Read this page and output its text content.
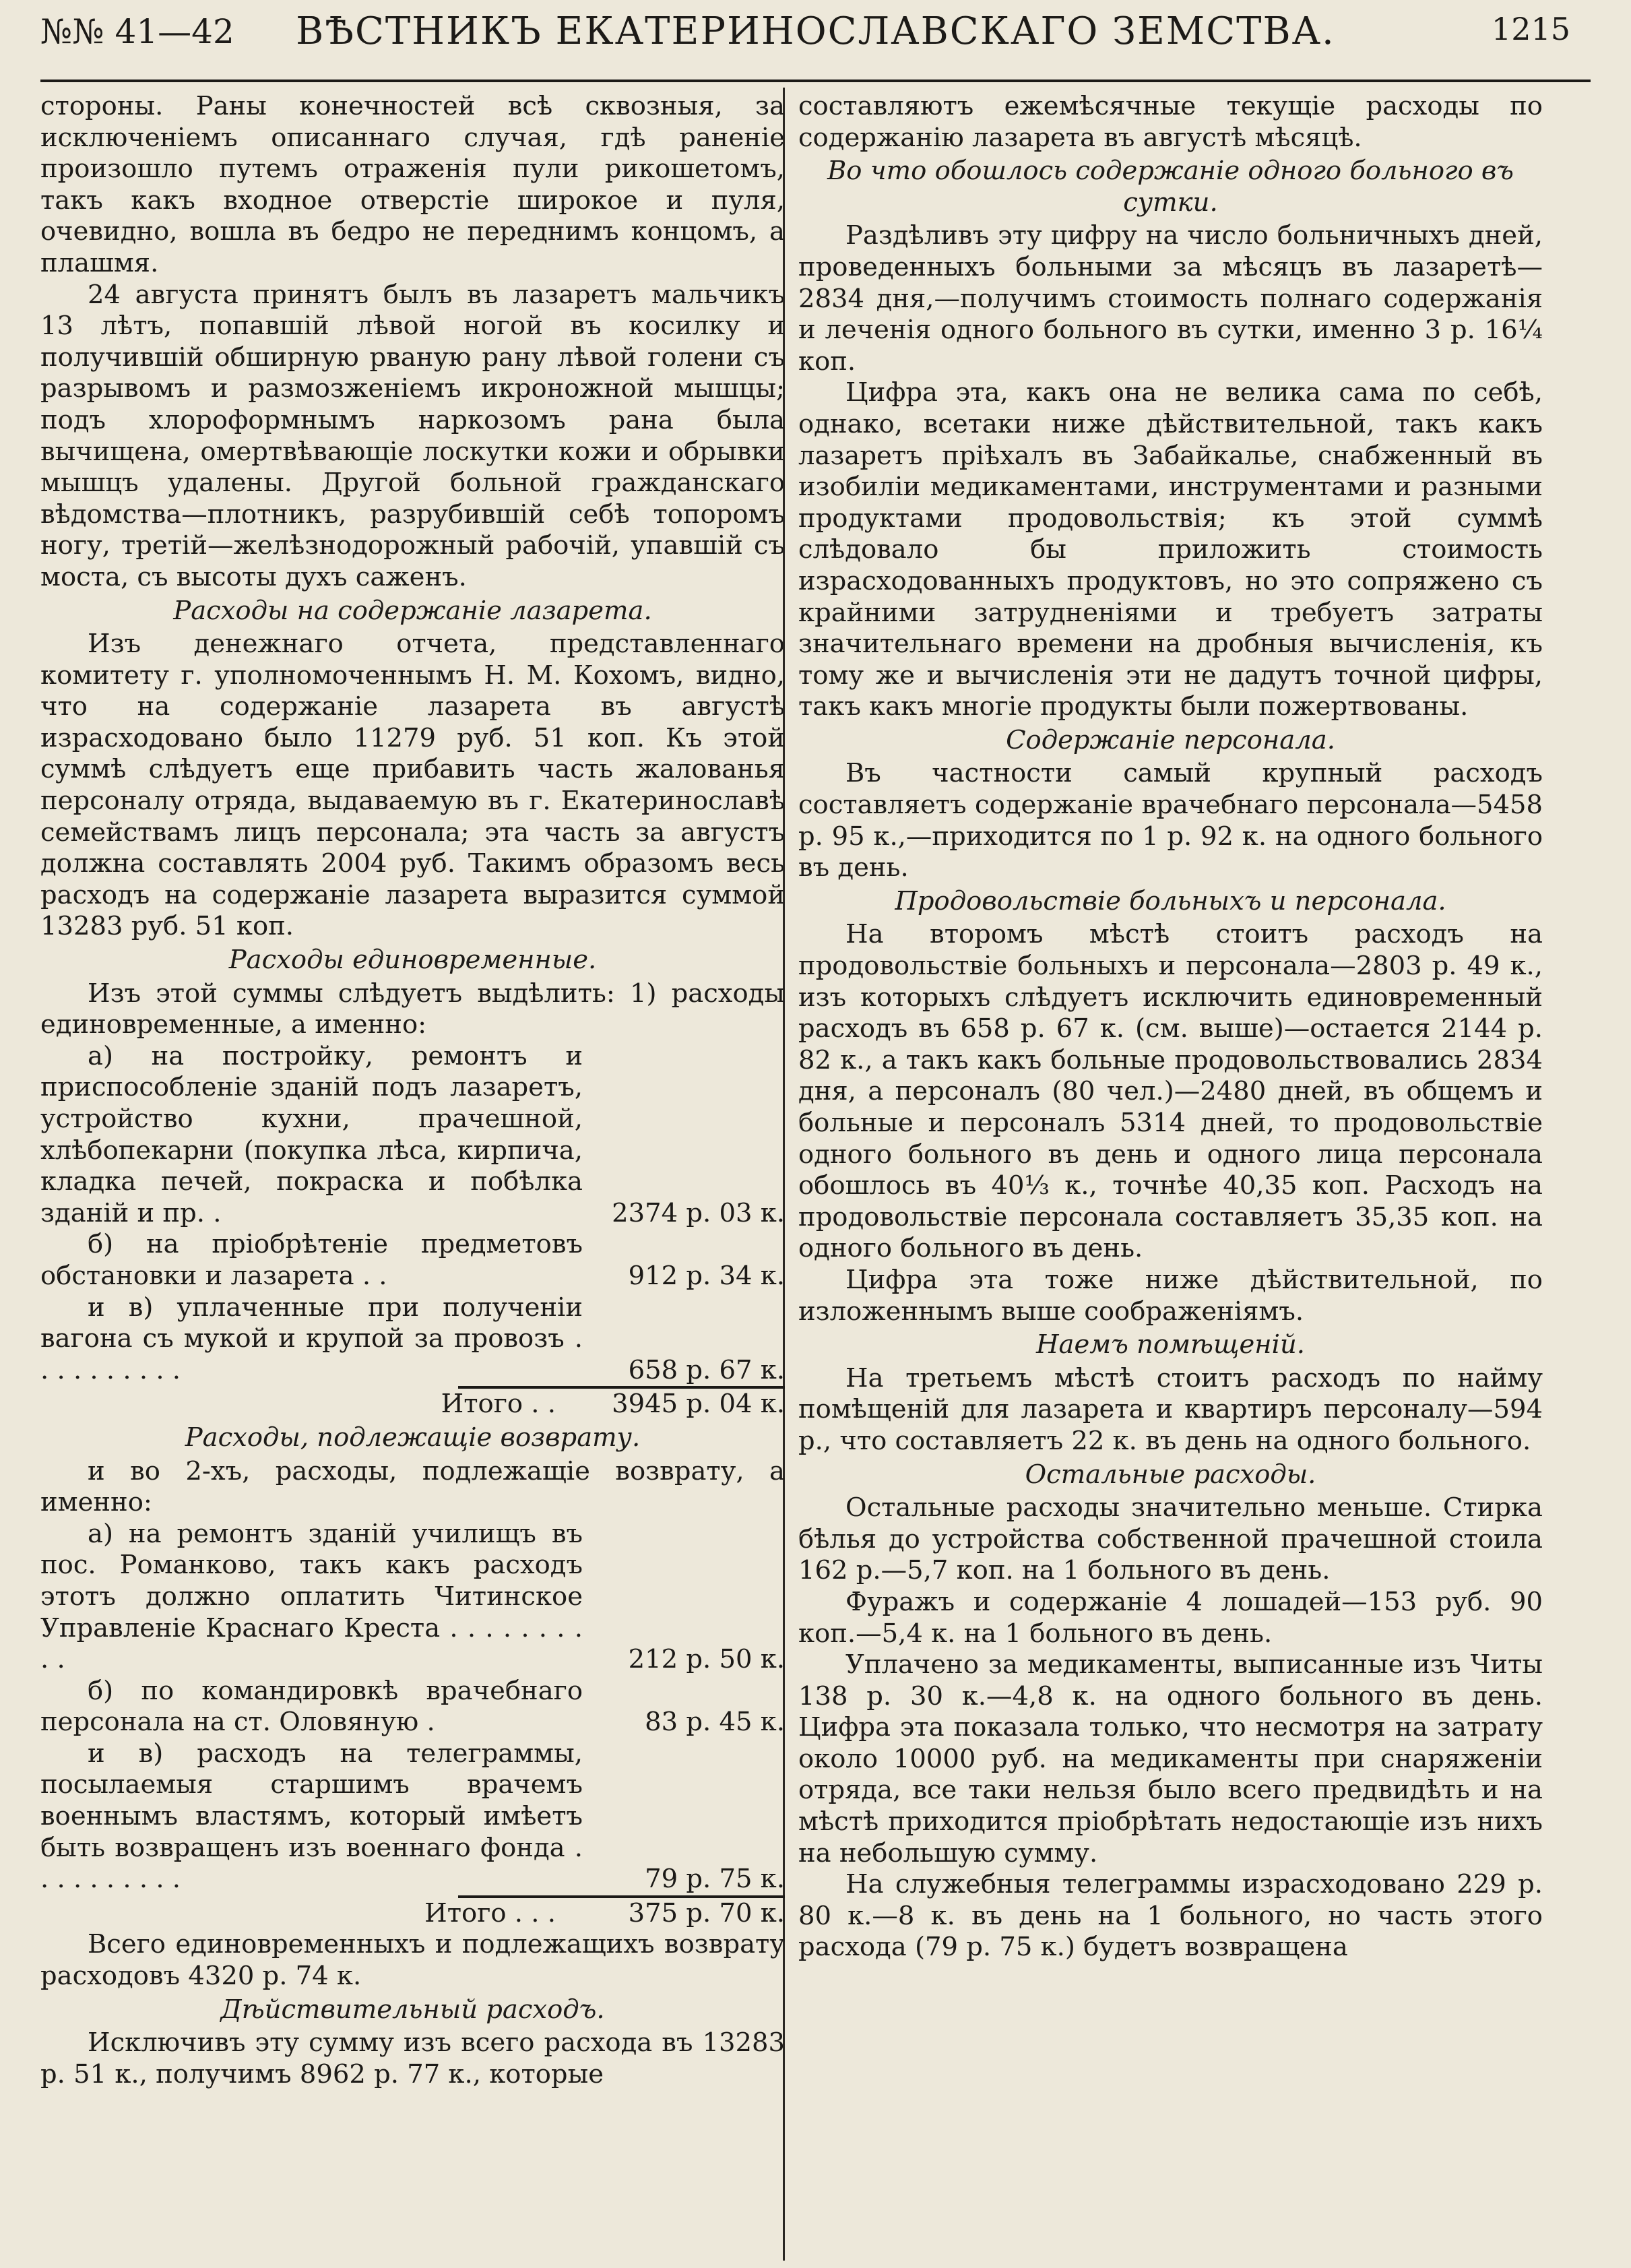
№№ 41—42	ВѢСТНИКЪ ЕКАТЕРИНОСЛАВСКАГО ЗЕМСТВА.	1215

стороны. Раны конечностей всѣ сквозныя, за исключеніемъ описаннаго случая, гдѣ раненіе произошло путемъ отраженія пули рикошетомъ, такъ какъ входное отверстіе широкое и пуля, очевидно, вошла въ бедро не переднимъ концомъ, а плашмя.

24 августа принятъ былъ въ лазаретъ мальчикъ 13 лѣтъ, попавшій лѣвой ногой въ косилку и получившій обширную рваную рану лѣвой голени съ разрывомъ и размозженіемъ икроножной мышцы; подъ хлороформнымъ наркозомъ рана была вычищена, омертвѣвающіе лоскутки кожи и обрывки мышцъ удалены. Другой больной гражданскаго вѣдомства—плотникъ, разрубившій себѣ топоромъ ногу, третій—желѣзнодорожный рабочій, упавшій съ моста, съ высоты духъ саженъ.

Расходы на содержаніе лазарета.

Изъ денежнаго отчета, представленнаго комитету г. уполномоченнымъ Н. М. Кохомъ, видно, что на содержаніе лазарета въ августѣ израсходовано было 11279 руб. 51 коп. Къ этой суммѣ слѣдуетъ еще прибавить часть жалованья персоналу отряда, выдаваемую въ г. Екатеринославѣ семействамъ лицъ персонала; эта часть за августъ должна составлять 2004 руб. Такимъ образомъ весь расходъ на содержаніе лазарета выразится суммой 13283 руб. 51 коп.

Расходы единовременные.

Изъ этой суммы слѣдуетъ выдѣлить: 1) расходы единовременные, а именно:

а) на постройку, ремонтъ и приспособленіе зданій подъ лазаретъ, устройство кухни, прачешной, хлѣбопекарни (покупка лѣса, кирпича, кладка печей, покраска и побѣлка зданій и пр. .	2374 р. 03 к.
б) на пріобрѣтеніе предметовъ обстановки и лазарета . .	912 р. 34 к.
и в) уплаченные при полученіи вагона съ мукой и крупой за провозъ . . . . . . . . . .	658 р. 67 к.
Итого . .	3945 р. 04 к.

Расходы, подлежащіе возврату.

и во 2-хъ, расходы, подлежащіе возврату, а именно:

а) на ремонтъ зданій училищъ въ пос. Романково, такъ какъ расходъ этотъ должно оплатить Читинское Управленіе Краснаго Креста . . . . . . . . . .	212 р. 50 к.
б) по командировкѣ врачебнаго персонала на ст. Оловяную .	83 р. 45 к.
и в) расходъ на телеграммы, посылаемыя старшимъ врачемъ военнымъ властямъ, который имѣетъ быть возвращенъ изъ военнаго фонда . . . . . . . . . .	79 р. 75 к.
Итого . . .	375 р. 70 к.

Всего единовременныхъ и подлежащихъ возврату расходовъ 4320 р. 74 к.

Дѣйствительный расходъ.

Исключивъ эту сумму изъ всего расхода въ 13283 р. 51 к., получимъ 8962 р. 77 к., которые

составляютъ ежемѣсячные текущіе расходы по содержанію лазарета въ августѣ мѣсяцѣ.

Во что обошлось содержаніе одного больного въ сутки.

Раздѣливъ эту цифру на число больничныхъ дней, проведенныхъ больными за мѣсяцъ въ лазаретѣ—2834 дня,—получимъ стоимость полнагo содержанія и леченія одного больного въ сутки, именно 3 р. 16¼ коп.

Цифра эта, какъ она не велика сама по себѣ, однако, всетаки ниже дѣйствительной, такъ какъ лазаретъ пріѣхалъ въ Забайкалье, снабженный въ изобиліи медикаментами, инструментами и разными продуктами продовольствія; къ этой суммѣ слѣдовало бы приложить стоимость израсходованныхъ продуктовъ, но это сопряжено съ крайними затрудненіями и требуетъ затраты значительнаго времени на дробныя вычисленія, къ тому же и вычисленія эти не дадутъ точной цифры, такъ какъ многіе продукты были пожертвованы.

Содержаніе персонала.

Въ частности самый крупный расходъ составляетъ содержаніе врачебнаго персонала—5458 р. 95 к.,—приходится по 1 р. 92 к. на одного больного въ день.

Продовольствіе больныхъ и персонала.

На второмъ мѣстѣ стоитъ расходъ на продовольствіе больныхъ и персонала—2803 р. 49 к., изъ которыхъ слѣдуетъ исключить единовременный расходъ въ 658 р. 67 к. (см. выше)—остается 2144 р. 82 к., а такъ какъ больные продовольствовались 2834 дня, а персоналъ (80 чел.)—2480 дней, въ общемъ и больные и персоналъ 5314 дней, то продовольствіе одного больного въ день и одного лица персонала обошлось въ 40⅓ к., точнѣе 40,35 коп. Расходъ на продовольствіе персонала составляетъ 35,35 коп. на одного больного въ день.

Цифра эта тоже ниже дѣйствительной, по изложеннымъ выше соображеніямъ.

Наемъ помѣщеній.

На третьемъ мѣстѣ стоитъ расходъ по найму помѣщеній для лазарета и квартиръ персоналу—594 р., что составляетъ 22 к. въ день на одного больного.

Остальные расходы.

Остальные расходы значительно меньше. Стирка бѣлья до устройства собственной прачешной стоила 162 р.—5,7 коп. на 1 больного въ день.

Фуражъ и содержаніе 4 лошадей—153 руб. 90 коп.—5,4 к. на 1 больного въ день.

Уплачено за медикаменты, выписанные изъ Читы 138 р. 30 к.—4,8 к. на одного больного въ день. Цифра эта показала только, что несмотря на затрату около 10000 руб. на медикаменты при снаряженіи отряда, все таки нельзя было всего предвидѣть и на мѣстѣ приходится пріобрѣтать недостающіе изъ нихъ на небольшую сумму.

На служебныя телеграммы израсходовано 229 р. 80 к.—8 к. въ день на 1 больного, но часть этого расхода (79 р. 75 к.) будетъ возвращена
